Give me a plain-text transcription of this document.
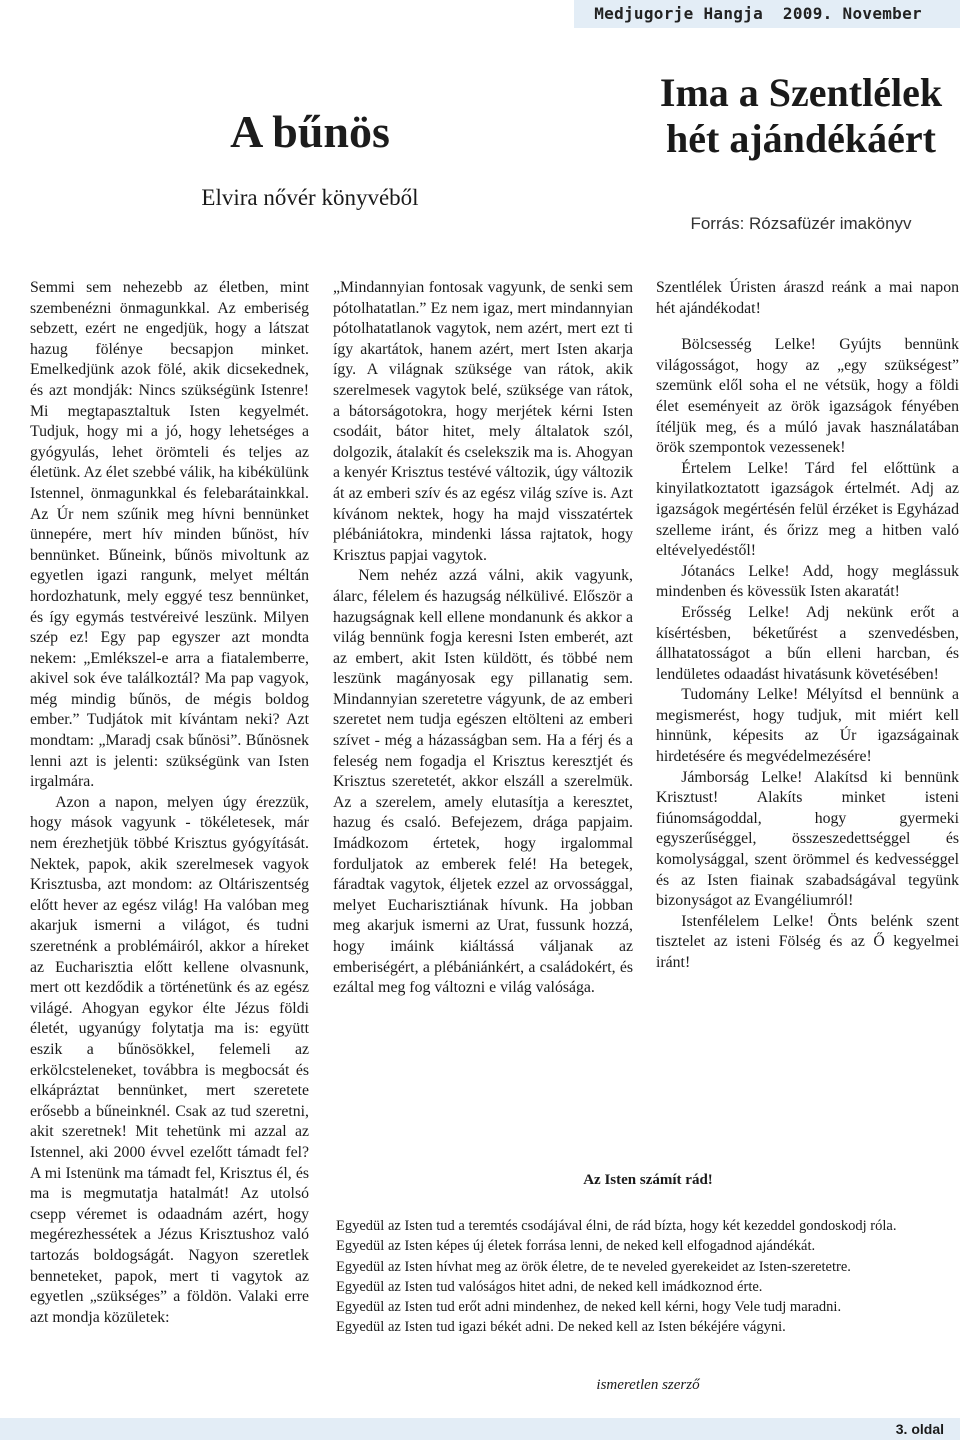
Medjugorje Hangja  2009. November
A bűnös
Elvira nővér könyvéből
Ima a Szentlélek
hét ajándékáért
Forrás: Rózsafüzér imakönyv

Semmi sem nehezebb az életben, mint szembenézni önmagunkkal. Az emberiség sebzett, ezért ne engedjük, hogy a látszat hazug fölénye becsapjon minket. Emelkedjünk azok fölé, akik dicsekednek, és azt mondják: Nincs szükségünk Istenre! Mi megtapasztaltuk Isten kegyelmét. Tudjuk, hogy mi a jó, hogy lehetséges a gyógyulás, lehet örömteli és teljes az életünk. Az élet szebbé válik, ha kibékülünk Istennel, önmagunkkal és felebarátainkkal. Az Úr nem szűnik meg hívni bennünket ünnepére, mert hív minden bűnöst, hív bennünket. Bűneink, bűnös mivoltunk az egyetlen igazi rangunk, melyet méltán hordozhatunk, mely eggyé tesz bennünket, és így egymás testvéreivé leszünk. Milyen szép ez! Egy pap egyszer azt mondta nekem: „Emlékszel-e arra a fiatalemberre, akivel sok éve találkoztál? Ma pap vagyok, még mindig bűnös, de mégis boldog ember.” Tudjátok mit kívántam neki? Azt mondtam: „Maradj csak bűnösi”. Bűnösnek lenni azt is jelenti: szükségünk van Isten irgalmára.

Azon a napon, melyen úgy érezzük, hogy mások vagyunk - tökéletesek, már nem érezhetjük többé Krisztus gyógyítását. Nektek, papok, akik szerelmesek vagyok Krisztusba, azt mondom: az Oltáriszentség előtt hever az egész világ! Ha valóban meg akarjuk ismerni a világot, és tudni szeretnénk a problémáiról, akkor a híreket az Eucharisztia előtt kellene olvasnunk, mert ott kezdődik a történetünk és az egész világé. Ahogyan egykor élte Jézus földi életét, ugyanúgy folytatja ma is: együtt eszik a bűnösökkel, felemeli az erkölcsteleneket, továbbra is megbocsát és elkápráztat bennünket, mert szeretete erősebb a bűneinknél. Csak az tud szeretni, akit szeretnek! Mit tehetünk mi azzal az Istennel, aki 2000 évvel ezelőtt támadt fel? A mi Istenünk ma támadt fel, Krisztus él, és ma is megmutatja hatalmát! Az utolsó csepp véremet is odaadnám azért, hogy megérezhessétek a Jézus Krisztushoz való tartozás boldogságát. Nagyon szeretlek benneteket, papok, mert ti vagytok az egyetlen „szükséges” a földön. Valaki erre azt mondja közületek:

„Mindannyian fontosak vagyunk, de senki sem pótolhatatlan.” Ez nem igaz, mert mindannyian pótolhatatlanok vagytok, nem azért, mert ezt ti így akartátok, hanem azért, mert Isten akarja így. A világnak szüksége van rátok, akik szerelmesek vagytok belé, szüksége van rátok, a bátorságotokra, hogy merjétek kérni Isten csodáit, bátor hitet, mely általatok szól, dolgozik, átalakít és cselekszik ma is. Ahogyan a kenyér Krisztus testévé változik, úgy változik át az emberi szív és az egész világ szíve is. Azt kívánom nektek, hogy ha majd visszatértek plébániátokra, mindenki lássa rajtatok, hogy Krisztus papjai vagytok.

Nem nehéz azzá válni, akik vagyunk, álarc, félelem és hazugság nélkülivé. Először a hazugságnak kell ellene mondanunk és akkor a világ bennünk fogja keresni Isten emberét, azt az embert, akit Isten küldött, és többé nem leszünk magányosak egy pillanatig sem. Mindannyian szeretetre vágyunk, de az emberi szeretet nem tudja egészen eltölteni az emberi szívet - még a házasságban sem. Ha a férj és a feleség nem fogadja el Krisztus keresztjét és Krisztus szeretetét, akkor elszáll a szerelmük. Az a szerelem, amely elutasítja a keresztet, hazug és csaló. Befejezem, drága papjaim. Imádkozom értetek, hogy irgalommal forduljatok az emberek felé! Ha betegek, fáradtak vagytok, éljetek ezzel az orvossággal, melyet Eucharisztiának hívunk. Ha jobban meg akarjuk ismerni az Urat, fussunk hozzá, hogy imáink kiáltássá váljanak az emberiségért, a plébániánkért, a családokért, és ezáltal meg fog változni e világ valósága.

Szentlélek Úristen áraszd reánk a mai napon hét ajándékodat!

Bölcsesség Lelke! Gyújts bennünk világosságot, hogy az „egy szükségest” szemünk elől soha el ne vétsük, hogy a földi élet eseményeit az örök igazságok fényében ítéljük meg, és a múló javak használatában örök szempontok vezessenek!

Értelem Lelke! Tárd fel előttünk a kinyilatkoztatott igazságok értelmét. Adj az igazságok megértésén felül érzéket is Egyházad szelleme iránt, és őrizz meg a hitben való eltévelyedéstől!

Jótanács Lelke! Add, hogy meglássuk mindenben és kövessük Isten akaratát!

Erősség Lelke! Adj nekünk erőt a kísértésben, béketűrést a szenvedésben, állhatatosságot a bűn elleni harcban, és lendületes odaadást hivatásunk követésében!

Tudomány Lelke! Mélyítsd el bennünk a megismerést, hogy tudjuk, mit miért kell hinnünk, képesits az Úr igazságainak hirdetésére és megvédelmezésére!

Jámborság Lelke! Alakítsd ki bennünk Krisztust! Alakíts minket isteni fiúnomságoddal, hogy gyermeki egyszerűséggel, összeszedettséggel és komolysággal, szent örömmel és kedvességgel és az Isten fiainak szabadságával tegyünk bizonyságot az Evangéliumról!

Istenfélelem Lelke! Önts belénk szent tisztelet az isteni Fölség és az Ő kegyelmei iránt!

Az Isten számít rád!
Egyedül az Isten tud a teremtés csodájával élni, de rád bízta, hogy két kezeddel gondoskodj róla.
Egyedül az Isten képes új életek forrása lenni, de neked kell elfogadnod ajándékát.
Egyedül az Isten hívhat meg az örök életre, de te neveled gyerekeidet az Isten-szeretetre.
Egyedül az Isten tud valóságos hitet adni, de neked kell imádkoznod érte.
Egyedül az Isten tud erőt adni mindenhez, de neked kell kérni, hogy Vele tudj maradni.
Egyedül az Isten tud igazi békét adni. De neked kell az Isten békéjére vágyni.
ismeretlen szerző
3. oldal
